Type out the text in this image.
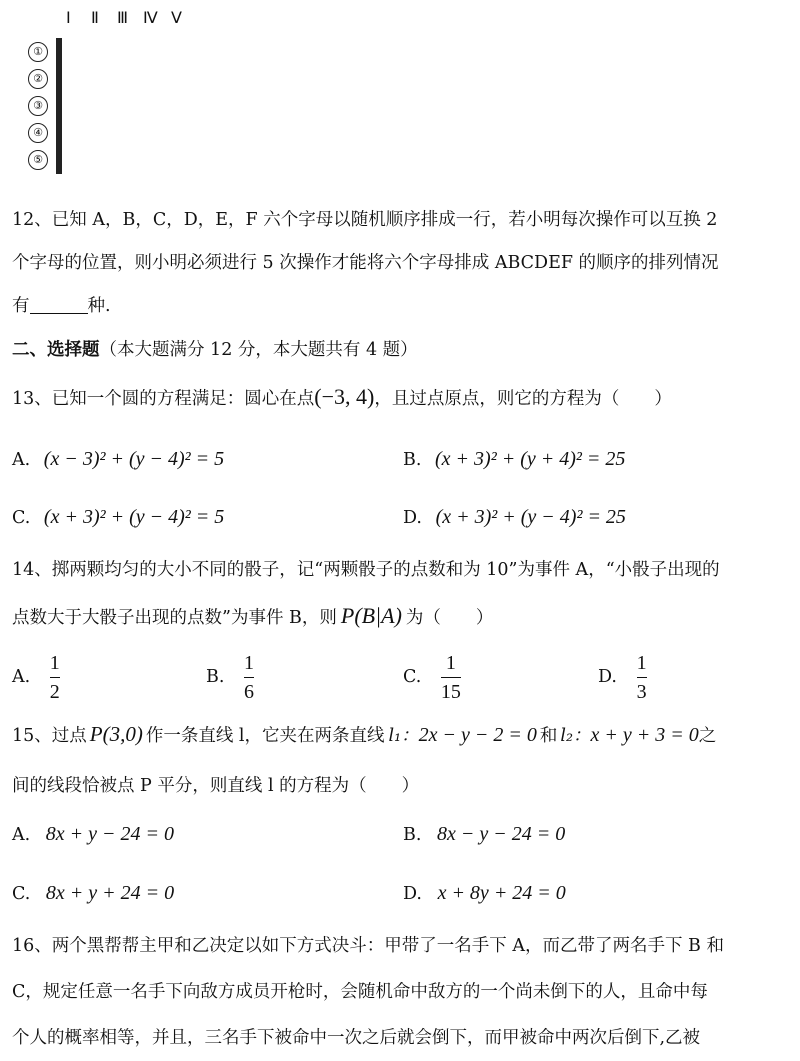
Ⅰ Ⅱ Ⅲ Ⅳ Ⅴ
①
②
③
④
⑤

12、已知 A，B，C，D，E，F 六个字母以随机顺序排成一行，若小明每次操作可以互换 2
个字母的位置，则小明必须进行 5 次操作才能将六个字母排成 ABCDEF 的顺序的排列情况
有	种.
二、选择题（本大题满分 12 分，本大题共有 4 题）
13、已知一个圆的方程满足：圆心在点(−3, 4)，且过点原点，则它的方程为（　　）
A. (x − 3)² + (y − 4)² = 5	B. (x + 3)² + (y + 4)² = 25
C. (x + 3)² + (y − 4)² = 5	D. (x + 3)² + (y − 4)² = 25
14、掷两颗均匀的大小不同的骰子，记“两颗骰子的点数和为 10”为事件 A，“小骰子出现的
点数大于大骰子出现的点数”为事件 B，则 P(B|A) 为（　　）
A. $\frac{1}{2}$	B. $\frac{1}{6}$	C. $\frac{1}{15}$	D. $\frac{1}{3}$
15、过点 P(3,0) 作一条直线 l，它夹在两条直线 l₁：2x − y − 2 = 0 和 l₂：x + y + 3 = 0之
间的线段恰被点 P 平分，则直线 l 的方程为（　　）
A. 8x + y − 24 = 0	B. 8x − y − 24 = 0
C. 8x + y + 24 = 0	D. x + 8y + 24 = 0
16、两个黑帮帮主甲和乙决定以如下方式决斗：甲带了一名手下 A，而乙带了两名手下 B 和
C，规定任意一名手下向敌方成员开枪时，会随机命中敌方的一个尚未倒下的人，且命中每
个人的概率相等，并且，三名手下被命中一次之后就会倒下，而甲被命中两次后倒下,乙被
